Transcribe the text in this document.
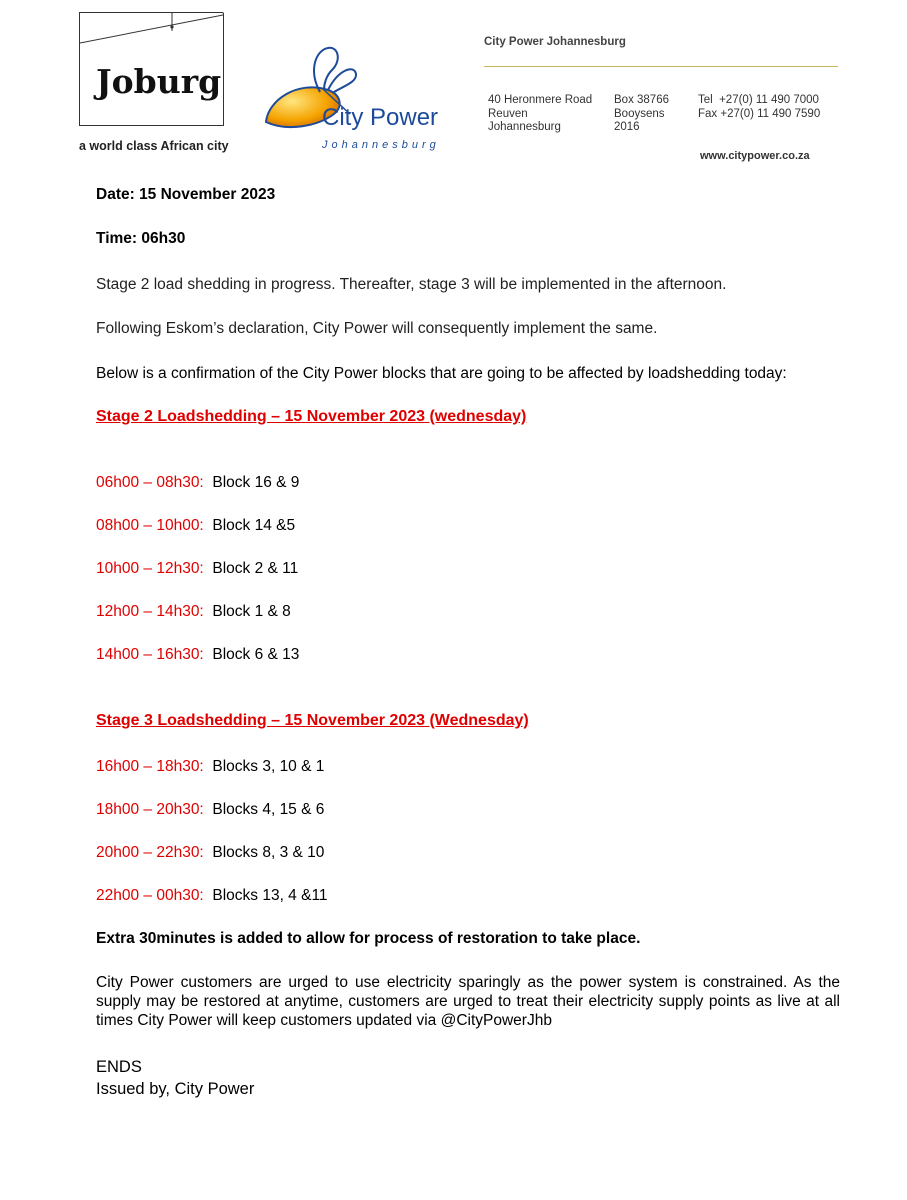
Joburg
a world class African city
City Power
Johannesburg
City Power Johannesburg
40 Heronmere Road
Reuven
Johannesburg
Box 38766
Booysens
2016
Tel  +27(0) 11 490 7000
Fax +27(0) 11 490 7590
www.citypower.co.za
Date: 15 November 2023
Time: 06h30
Stage 2 load shedding in progress. Thereafter, stage 3 will be implemented in the afternoon.
Following Eskom’s declaration, City Power will consequently implement the same.
Below is a confirmation of the City Power blocks that are going to be affected by loadshedding today:
Stage 2 Loadshedding – 15 November 2023 (wednesday)
06h00 – 08h30: Block 16 & 9
08h00 – 10h00: Block 14 &5
10h00 – 12h30: Block 2 & 11
12h00 – 14h30: Block 1 & 8
14h00 – 16h30: Block 6 & 13
Stage 3 Loadshedding – 15 November 2023 (Wednesday)
16h00 – 18h30: Blocks 3, 10 & 1
18h00 – 20h30: Blocks 4, 15 & 6
20h00 – 22h30: Blocks 8, 3 & 10
22h00 – 00h30: Blocks 13, 4 &11
Extra 30minutes is added to allow for process of restoration to take place.
City Power customers are urged to use electricity sparingly as the power system is constrained. As the supply may be restored at anytime, customers are urged to treat their electricity supply points as live at all times City Power will keep customers updated via @CityPowerJhb
ENDS
Issued by, City Power
